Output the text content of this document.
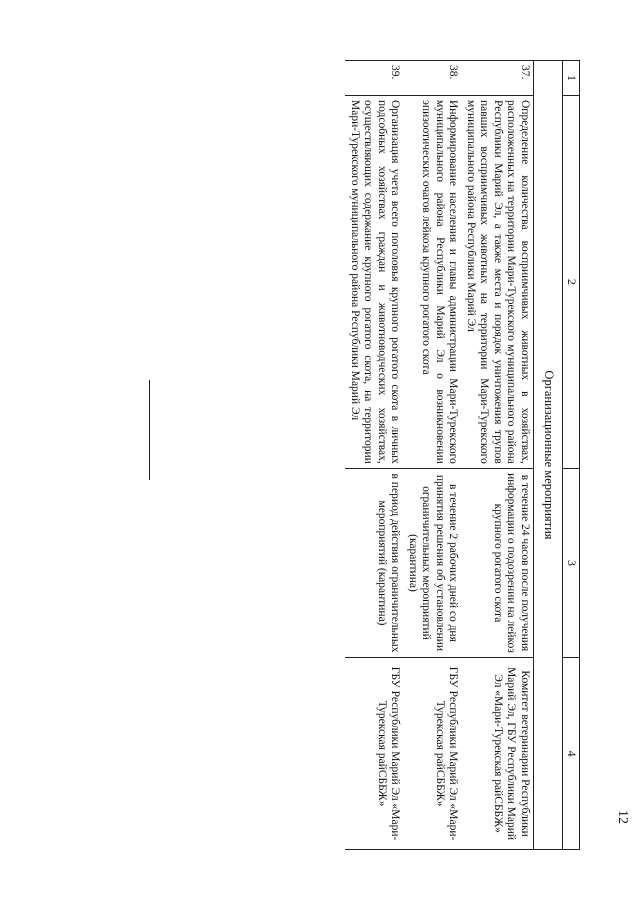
12
1	2	3	4
Организационные мероприятия			
37.	Определение количества восприимчивых животных в хозяйствах, расположенных на территории Мари-Турекского муниципального района Республики Марий Эл, а также места и порядок уничтожения трупов павших восприимчивых животных на территории Мари-Турекского муниципального района Республики Марий Эл	в течение 24 часов после получения информации о подозрении на лейкоз крупного рогатого скота	Комитет ветеринарии Республики Марий Эл, ГБУ Республики Марий Эл «Мари-Турекская райСББЖ»
38.	Информирование населения и главы администрации Мари-Турекского муниципального района Республики Марий Эл о возникновении эпизоотических очагов лейкоза крупного рогатого скота	в течение 2 рабочих дней со дня принятия решения об установлении ограничительных мероприятий (карантина)	ГБУ Республики Марий Эл «Мари-Турекская райСББЖ»
39.	Организация учета всего поголовья крупного рогатого скота в личных подсобных хозяйствах граждан и животноводческих хозяйствах, осуществляющих содержание крупного рогатого скота, на территории Мари-Турекского муниципального района Республики Марий Эл	в период действия ограничительных мероприятий (карантина)	ГБУ Республики Марий Эл «Мари-Турекская райСББЖ»
